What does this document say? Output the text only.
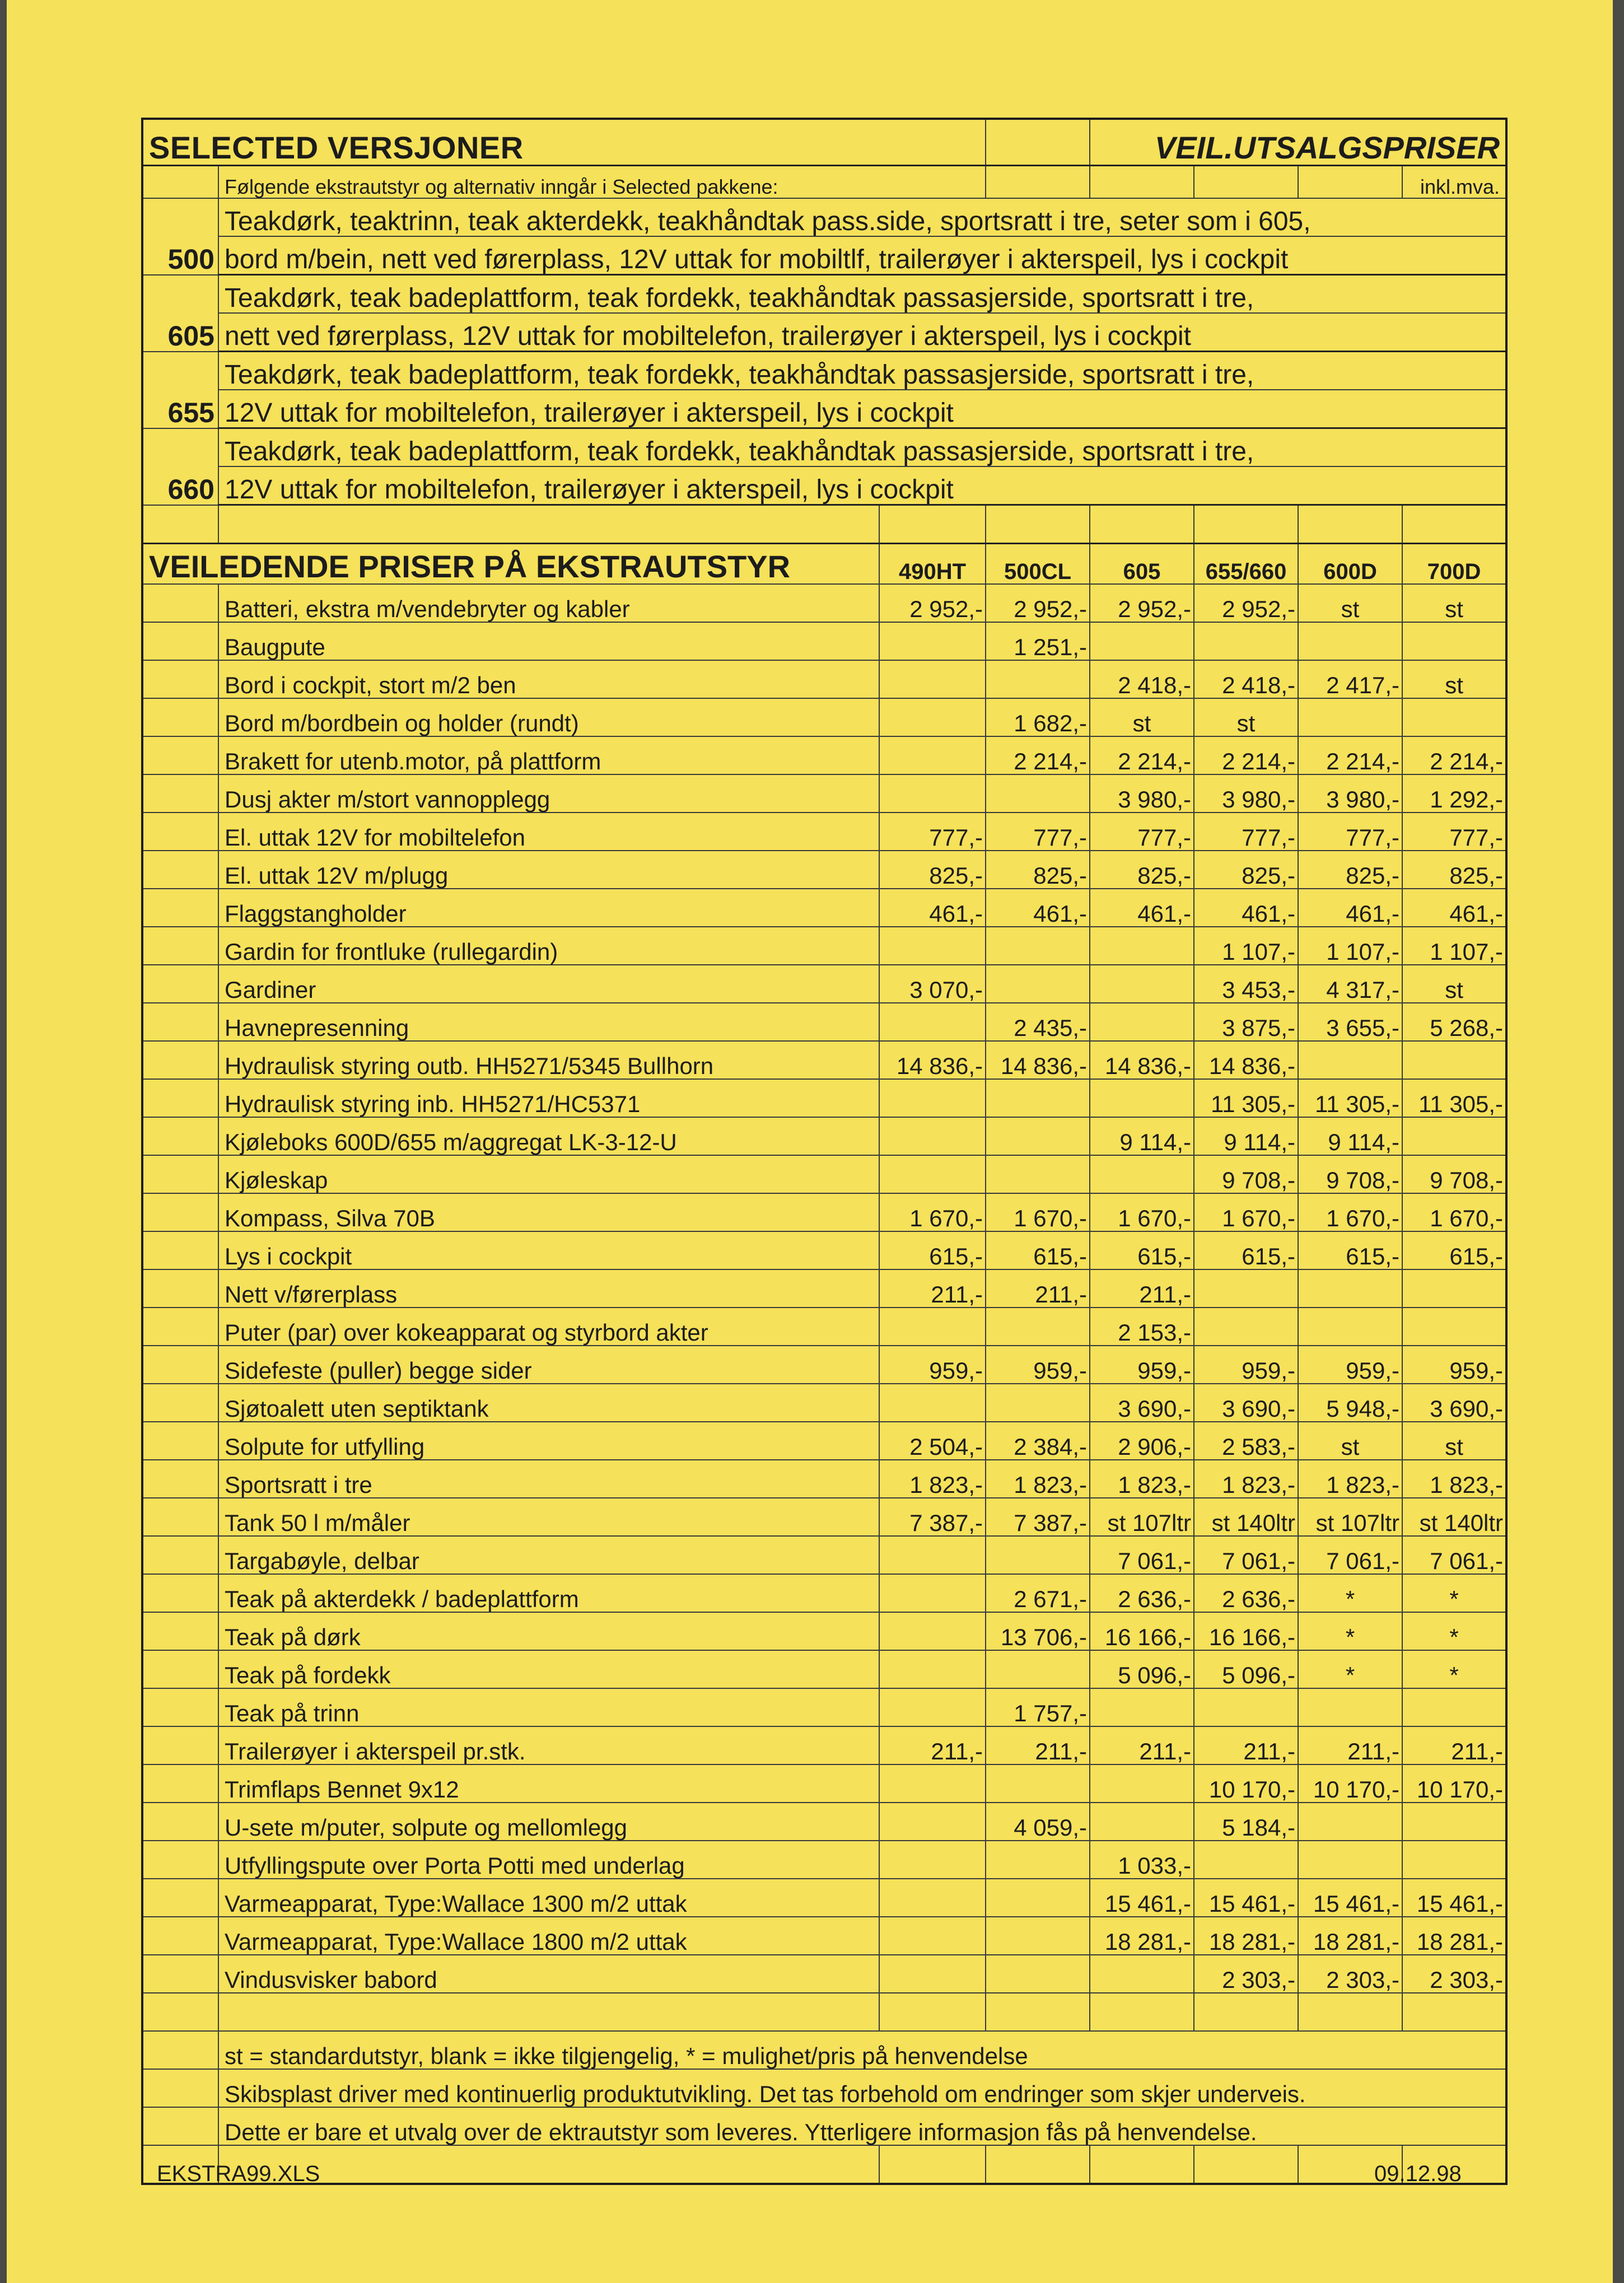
SELECTED VERSJONER				VEIL.UTSALGSPRISER			
	Følgende ekstrautstyr og alternativ inngår i Selected pakkene:						inkl.mva.
500	Teakdørk, teaktrinn, teak akterdekk, teakhåndtak pass.side, sportsratt i tre, seter som i 605,						
	bord m/bein, nett ved førerplass, 12V uttak for mobiltlf, trailerøyer i akterspeil, lys i cockpit						
605	Teakdørk, teak badeplattform, teak fordekk, teakhåndtak passasjerside, sportsratt i tre,						
	nett ved førerplass, 12V uttak for mobiltelefon, trailerøyer i akterspeil, lys i cockpit						
655	Teakdørk, teak badeplattform, teak fordekk, teakhåndtak passasjerside, sportsratt i tre,						
	12V uttak for mobiltelefon, trailerøyer i akterspeil, lys i cockpit						
660	Teakdørk, teak badeplattform, teak fordekk, teakhåndtak passasjerside, sportsratt i tre,						
	12V uttak for mobiltelefon, trailerøyer i akterspeil, lys i cockpit						

VEILEDENDE PRISER PÅ EKSTRAUTSTYR		490HT	500CL	605	655/660	600D	700D
	Batteri, ekstra m/vendebryter og kabler	2 952,-	2 952,-	2 952,-	2 952,-	st	st
	Baugpute		1 251,-				
	Bord i cockpit, stort m/2 ben			2 418,-	2 418,-	2 417,-	st
	Bord m/bordbein og holder (rundt)		1 682,-	st	st		
	Brakett for utenb.motor, på plattform		2 214,-	2 214,-	2 214,-	2 214,-	2 214,-
	Dusj akter m/stort vannopplegg			3 980,-	3 980,-	3 980,-	1 292,-
	El. uttak 12V for mobiltelefon	777,-	777,-	777,-	777,-	777,-	777,-
	El. uttak 12V m/plugg	825,-	825,-	825,-	825,-	825,-	825,-
	Flaggstangholder	461,-	461,-	461,-	461,-	461,-	461,-
	Gardin for frontluke (rullegardin)				1 107,-	1 107,-	1 107,-
	Gardiner	3 070,-			3 453,-	4 317,-	st
	Havnepresenning		2 435,-		3 875,-	3 655,-	5 268,-
	Hydraulisk styring outb. HH5271/5345 Bullhorn	14 836,-	14 836,-	14 836,-	14 836,-		
	Hydraulisk styring inb. HH5271/HC5371				11 305,-	11 305,-	11 305,-
	Kjøleboks 600D/655 m/aggregat LK-3-12-U			9 114,-	9 114,-	9 114,-	
	Kjøleskap				9 708,-	9 708,-	9 708,-
	Kompass, Silva 70B	1 670,-	1 670,-	1 670,-	1 670,-	1 670,-	1 670,-
	Lys i cockpit	615,-	615,-	615,-	615,-	615,-	615,-
	Nett v/førerplass	211,-	211,-	211,-			
	Puter (par) over kokeapparat og styrbord akter			2 153,-			
	Sidefeste (puller) begge sider	959,-	959,-	959,-	959,-	959,-	959,-
	Sjøtoalett uten septiktank			3 690,-	3 690,-	5 948,-	3 690,-
	Solpute for utfylling	2 504,-	2 384,-	2 906,-	2 583,-	st	st
	Sportsratt i tre	1 823,-	1 823,-	1 823,-	1 823,-	1 823,-	1 823,-
	Tank 50 l m/måler	7 387,-	7 387,-	st 107ltr	st 140ltr	st 107ltr	st 140ltr
	Targabøyle, delbar			7 061,-	7 061,-	7 061,-	7 061,-
	Teak på akterdekk / badeplattform		2 671,-	2 636,-	2 636,-	*	*
	Teak på dørk		13 706,-	16 166,-	16 166,-	*	*
	Teak på fordekk			5 096,-	5 096,-	*	*
	Teak på trinn		1 757,-				
	Trailerøyer i akterspeil pr.stk.	211,-	211,-	211,-	211,-	211,-	211,-
	Trimflaps Bennet 9x12				10 170,-	10 170,-	10 170,-
	U-sete m/puter, solpute og mellomlegg		4 059,-		5 184,-		
	Utfyllingspute over Porta Potti med underlag			1 033,-			
	Varmeapparat, Type:Wallace 1300 m/2 uttak			15 461,-	15 461,-	15 461,-	15 461,-
	Varmeapparat, Type:Wallace 1800 m/2 uttak			18 281,-	18 281,-	18 281,-	18 281,-
	Vindusvisker babord				2 303,-	2 303,-	2 303,-

	st = standardutstyr, blank = ikke tilgjengelig, * = mulighet/pris på henvendelse						
	Skibsplast driver med kontinuerlig produktutvikling. Det tas forbehold om endringer som skjer underveis.						
	Dette er bare et utvalg over de ektrautstyr som leveres. Ytterligere informasjon fås på henvendelse.						

EKSTRA99.XLS	09.12.98
